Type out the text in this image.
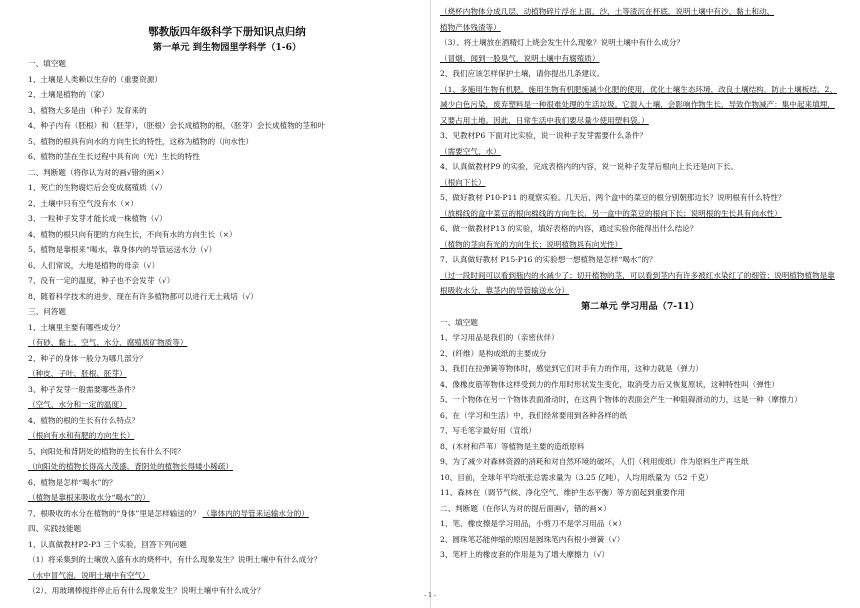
鄂教版四年级科学下册知识点归纳

第一单元 到生物园里学科学（1-6）

一、填空题

1、土壤是人类赖以生存的（重要资源）

2、土壤是植物的（家）

3、植物大多是由（种子）发育来的

4、种子内有（胚根）和（胚芽），（胚根）会长成植物的根，（胚芽）会长成植物的茎和叶

5、植物的根具有向水的方向生长的特性，这称为植物的（向水性）

6、植物的茎在生长过程中具有向（光）生长的特性

二、判断题（将你认为对的画√错的画×）

1、死亡的生物腐烂后会变成腐殖质（√）

2、土壤中只有空气没有水（×）

3、一粒种子发芽才能长成一株植物（√）

4、植物的根只向有肥的方向生长，不向有水的方向生长（×）

5、植物是靠根来“喝水，靠身体内的导管运送水分（√）

6、人们常说，大地是植物的母亲（√）

7、没有一定的温度，种子也不会发芽（√）

8、随着科学技术的进步，现在有许多植物都可以进行无土栽培（√）

三、问答题

1、土壤里主要有哪些成分？

（有砂、黏土、空气、水分、腐殖质矿物质等）

2、种子的身体一般分为哪几部分？

（种皮、子叶、胚根、胚芽）

3、种子发芽一般需要哪些条件？

（空气、水分和一定的温度）

4、植物的根的生长有什么特点？

（根向有水和有肥的方向生长）

5、向阳处和背阴处的植物的生长有什么不同？

（向阳处的植物长得高大茂盛，背阴处的植物长得矮小稀疏）

6、植物是怎样“喝水”的？

（植物是靠根来吸收水分“喝水”的）

7、根吸收的水分在植物的“身体”里是怎样输送的？ （靠体内的导管来运输水分的）

四、实践技能题

1、认真做教材P2-P3 三个实验，回答下列问题

（1）将采集到的土壤放入盛有水的烧杯中，有什么现象发生？说明土壤中有什么成分？

（水中冒气泡，说明土壤中有空气）

（2）、用玻璃棒搅拌停止后有什么现象发生？说明土壤中有什么成分？

（烧杯内物体分成几层，动植物碎片浮在上面，沙、土等渣沉在杯底，说明土壤中有沙、黏土和动、

植物产体残渣等）

（3）、将土壤放在酒精灯上烧会发生什么现象？说明土壤中有什么成分？

（冒烟，闻到一股臭气，说明土壤中有腐殖质）

2、我们应该怎样保护土壤，请你提出几条建议。

（1、多施用生物有机肥，施用生物有机肥施减少化肥的使用，优化土壤生态环境，改良土壤结构，防止土壤板结，2、减少白色污染，废弃塑料是一种很难处理的生活垃圾。它混入土壤，会影响作物生长，导致作物减产：集中起来填埋，又要占用土地。因此，日常生活中我们要尽量少使用塑料袋。）

3、见教材P6 下面对比实验，说一说种子发芽需要什么条件？

（需要空气、水）

4、认真做教材P9 的实验，完成表格内的内容，说一说种子发芽后根向上长还是向下长。

（根向下长）

5、做好教材 P10-P11 的观察实验。几天后，两个盒中的菜豆的根分别朝那边长？说明根有什么特性？

（放棉线的盒中菜豆的根向棉线的方向生长，另一盒中的菜豆的根向下长；说明根的生长具有向水性）

6、做一做教材P13 的实验，填好表格的内容，通过实验你能得出什么结论？

（植物的茎向有光的方向生长；说明植物具有向光性）

7、认真做好教材 P15-P16 的实验想一想植物是怎样“喝水”的？

（过一段时间可以看到瓶内的水减少了；切开植物的茎，可以看到茎内有许多被红水染红了的细管；说明植物植物是靠根吸收水分，靠茎内的导管输送水分）

第二单元 学习用品（7-11）

一、填空题

1、学习用品是我们的（亲密伙伴）

2、(纤维）是构成纸的主要成分

3、我们在拉弹簧等物体时，感觉到它们对手有力的作用，这种力就是（弹力）

4、像橡皮筋等物体这样受到力的作用时形状发生变化，取消受力后又恢复原状，这种特性叫（弹性）

5、一个物体在另一个物体表面滑动时，在这两个物体的表面会产生一种阻碍滑动的力，这是一种（摩擦力）

6、在（学习和生活）中，我们经常要用到各种各样的纸

7、写毛笔字最好用（宣纸）

8、(木材和芦苇）等植物是主要的造纸原料

9、为了减少对森林资源的消耗和对自然环境的破坏，人们（利用废纸）作为原料生产再生纸

10、目前，全球年平均纸张总需求量为（3.25 亿吨），人均用纸量为（52 千克）

11、森林在（调节气候、净化空气、维护生态平衡）等方面起到重要作用

二、判断题（在你认为对的提后面画√，错的画×）

1、笔、橡皮擦是学习用品，小剪刀不是学习用品（×）

2、圆珠笔芯能伸缩的原因是圆珠笔内有根小弹簧（√）

3、笔杆上的橡皮套的作用是为了增大摩擦力（√）

- 1 -
